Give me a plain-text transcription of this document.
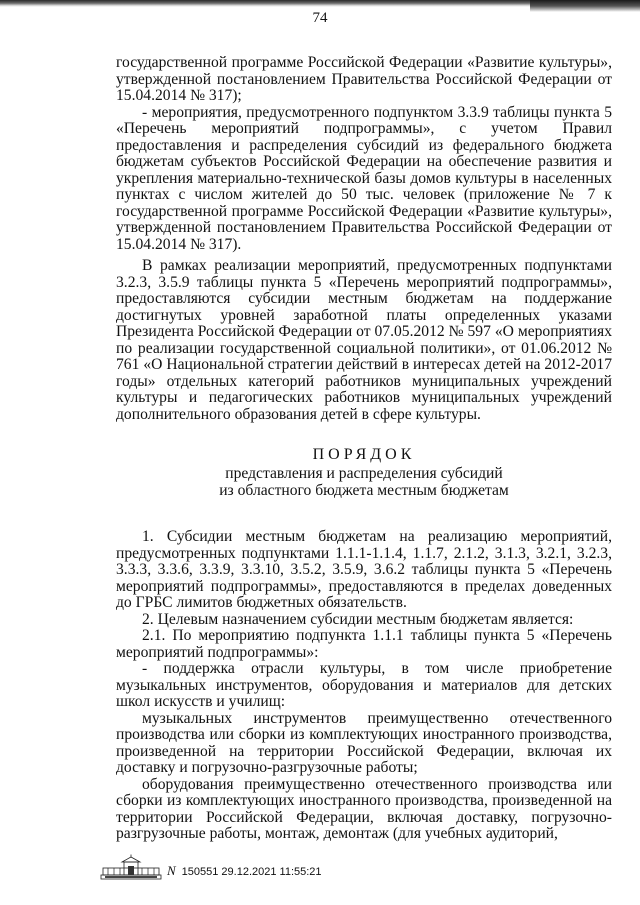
74

государственной программе Российской Федерации «Развитие культуры», утвержденной постановлением Правительства Российской Федерации от 15.04.2014 № 317);

- мероприятия, предусмотренного подпунктом 3.3.9 таблицы пункта 5 «Перечень мероприятий подпрограммы», с учетом Правил предоставления и распределения субсидий из федерального бюджета бюджетам субъектов Российской Федерации на обеспечение развития и укрепления материально-технической базы домов культуры в населенных пунктах с числом жителей до 50 тыс. человек (приложение № 7 к государственной программе Российской Федерации «Развитие культуры», утвержденной постановлением Правительства Российской Федерации от 15.04.2014 № 317).

В рамках реализации мероприятий, предусмотренных подпунктами 3.2.3, 3.5.9 таблицы пункта 5 «Перечень мероприятий подпрограммы», предоставляются субсидии местным бюджетам на поддержание достигнутых уровней заработной платы определенных указами Президента Российской Федерации от 07.05.2012 № 597 «О мероприятиях по реализации государственной социальной политики», от 01.06.2012 № 761 «О Национальной стратегии действий в интересах детей на 2012-2017 годы» отдельных категорий работников муниципальных учреждений культуры и педагогических работников муниципальных учреждений дополнительного образования детей в сфере культуры.

ПОРЯДОК
представления и распределения субсидий
из областного бюджета местным бюджетам

1. Субсидии местным бюджетам на реализацию мероприятий, предусмотренных подпунктами 1.1.1-1.1.4, 1.1.7, 2.1.2, 3.1.3, 3.2.1, 3.2.3, 3.3.3, 3.3.6, 3.3.9, 3.3.10, 3.5.2, 3.5.9, 3.6.2 таблицы пункта 5 «Перечень мероприятий подпрограммы», предоставляются в пределах доведенных до ГРБС лимитов бюджетных обязательств.

2. Целевым назначением субсидии местным бюджетам является:

2.1. По мероприятию подпункта 1.1.1 таблицы пункта 5 «Перечень мероприятий подпрограммы»:

- поддержка отрасли культуры, в том числе приобретение музыкальных инструментов, оборудования и материалов для детских школ искусств и училищ:

музыкальных инструментов преимущественно отечественного производства или сборки из комплектующих иностранного производства, произведенной на территории Российской Федерации, включая их доставку и погрузочно-разгрузочные работы;

оборудования преимущественно отечественного производства или сборки из комплектующих иностранного производства, произведенной на территории Российской Федерации, включая доставку, погрузочно-разгрузочные работы, монтаж, демонтаж (для учебных аудиторий,

N 150551 29.12.2021 11:55:21
